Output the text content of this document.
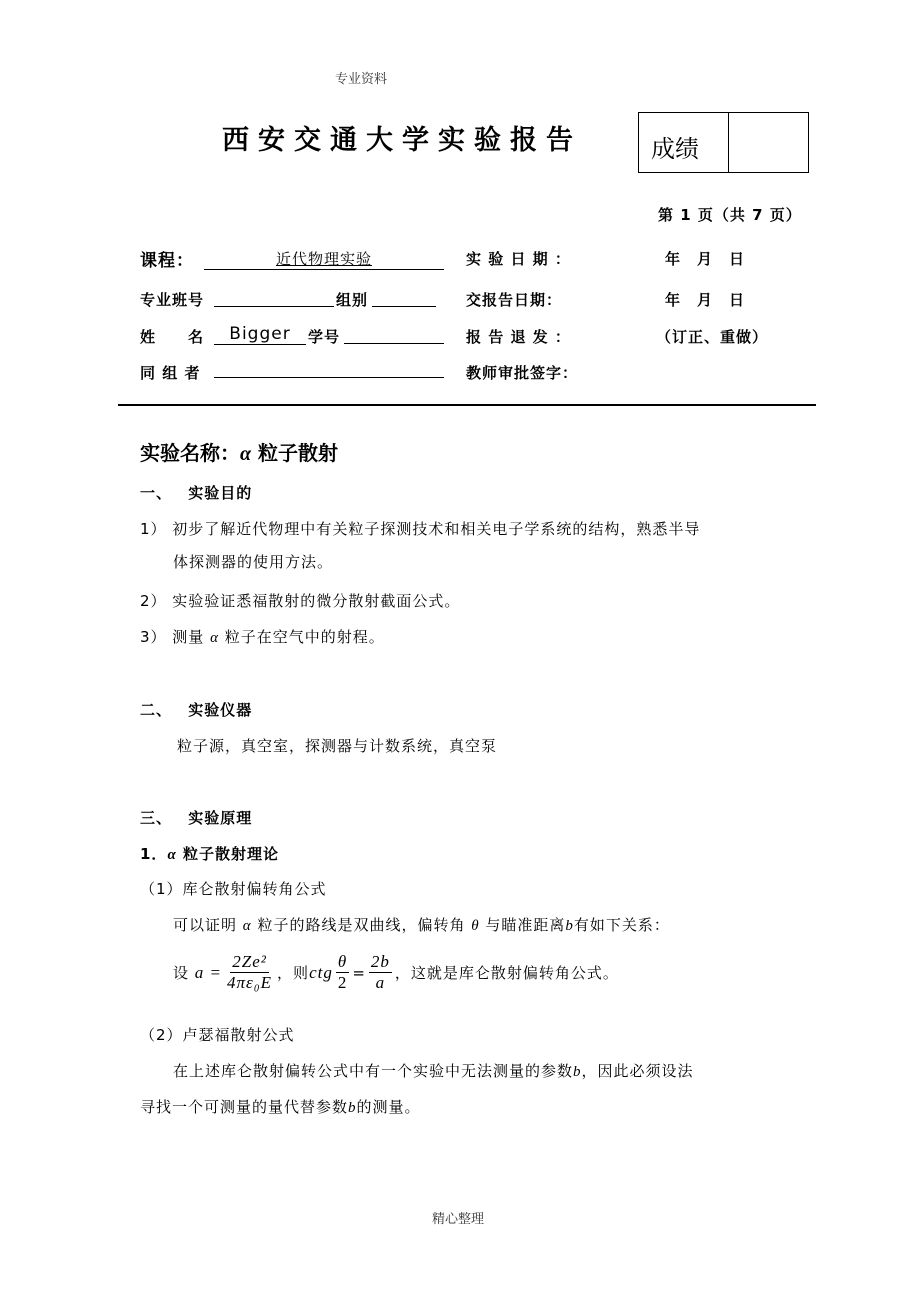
专业资料
西安交通大学实验报告	成绩
第 1 页（共 7 页）
课程：	近代物理实验	实 验 日 期 ：	年　月　日
专业班号	组别	交报告日期：	年　月　日
姓　　名	Bigger	学号	报 告 退 发 ：	（订正、重做）
同 组 者	教师审批签字：
实验名称：α 粒子散射
一、 实验目的
1） 初步了解近代物理中有关粒子探测技术和相关电子学系统的结构，熟悉半导
体探测器的使用方法。
2） 实验验证悉福散射的微分散射截面公式。
3） 测量 α 粒子在空气中的射程。
二、 实验仪器
粒子源，真空室，探测器与计数系统，真空泵
三、 实验原理
1．α 粒子散射理论
（1）库仑散射偏转角公式
可以证明 α 粒子的路线是双曲线，偏转角 θ 与瞄准距离b有如下关系：
设
$a = \frac{\text{2Ze²}}{\text{4πε₀E}}$ ，则 ctg $\frac{\theta}{2} = \frac{2b}{a}$ ，这就是库仑散射偏转角公式。
（2）卢瑟福散射公式
在上述库仑散射偏转公式中有一个实验中无法测量的参数b，因此必须设法
寻找一个可测量的量代替参数b的测量。
精心整理
